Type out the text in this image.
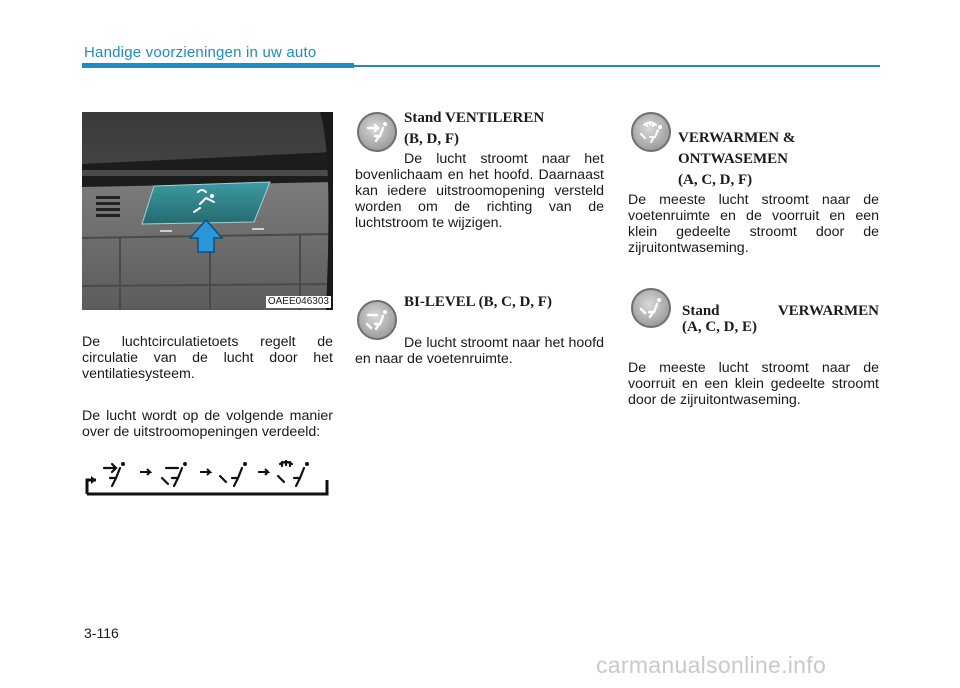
Handige voorzieningen in uw auto
OAEE046303
De luchtcirculatietoets regelt de circulatie van de lucht door het ventilatiesysteem.
De lucht wordt op de volgende manier over de uitstroomopeningen verdeeld:
Stand VENTILEREN
(B, D, F)
De lucht stroomt naar het bovenlichaam en het hoofd. Daarnaast kan iedere uitstroomopening versteld worden om de richting van de luchtstroom te wijzigen.
BI-LEVEL (B, C, D, F)
De lucht stroomt naar het hoofd en naar de voetenruimte.
VERWARMEN &
ONTWASEMEN
(A, C, D, F)
De meeste lucht stroomt naar de voetenruimte en de voorruit en een klein gedeelte stroomt door de zijruitontwaseming.
Stand VERWARMEN
(A, C, D, E)
De meeste lucht stroomt naar de voorruit en een klein gedeelte stroomt door de zijruitontwaseming.
3-116
carmanualsonline.info
